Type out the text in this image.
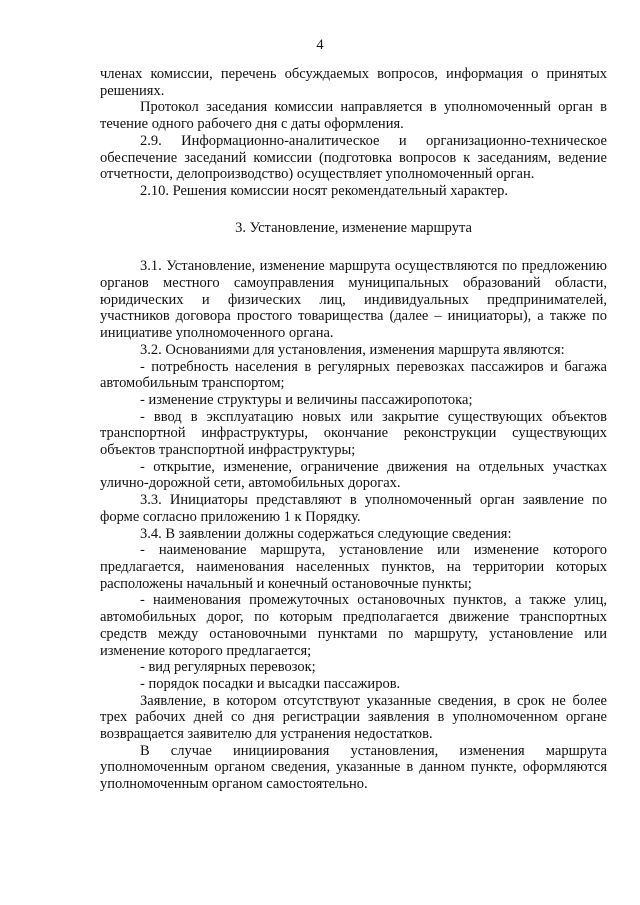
4

членах комиссии, перечень обсуждаемых вопросов, информация о принятых решениях.

Протокол заседания комиссии направляется в уполномоченный орган в течение одного рабочего дня с даты оформления.

2.9. Информационно-аналитическое и организационно-техническое обеспечение заседаний комиссии (подготовка вопросов к заседаниям, ведение отчетности, делопроизводство) осуществляет уполномоченный орган.

2.10. Решения комиссии носят рекомендательный характер.

3. Установление, изменение маршрута

3.1. Установление, изменение маршрута осуществляются по предложению органов местного самоуправления муниципальных образований области, юридических и физических лиц, индивидуальных предпринимателей, участников договора простого товарищества (далее – инициаторы), а также по инициативе уполномоченного органа.

3.2. Основаниями для установления, изменения маршрута являются:

- потребность населения в регулярных перевозках пассажиров и багажа автомобильным транспортом;

- изменение структуры и величины пассажиропотока;

- ввод в эксплуатацию новых или закрытие существующих объектов транспортной инфраструктуры, окончание реконструкции существующих объектов транспортной инфраструктуры;

- открытие, изменение, ограничение движения на отдельных участках улично-дорожной сети, автомобильных дорогах.

3.3. Инициаторы представляют в уполномоченный орган заявление по форме согласно приложению 1 к Порядку.

3.4. В заявлении должны содержаться следующие сведения:

- наименование маршрута, установление или изменение которого предлагается, наименования населенных пунктов, на территории которых расположены начальный и конечный остановочные пункты;

- наименования промежуточных остановочных пунктов, а также улиц, автомобильных дорог, по которым предполагается движение транспортных средств между остановочными пунктами по маршруту, установление или изменение которого предлагается;

- вид регулярных перевозок;

- порядок посадки и высадки пассажиров.

Заявление, в котором отсутствуют указанные сведения, в срок не более трех рабочих дней со дня регистрации заявления в уполномоченном органе возвращается заявителю для устранения недостатков.

В случае инициирования установления, изменения маршрута уполномоченным органом сведения, указанные в данном пункте, оформляются уполномоченным органом самостоятельно.
